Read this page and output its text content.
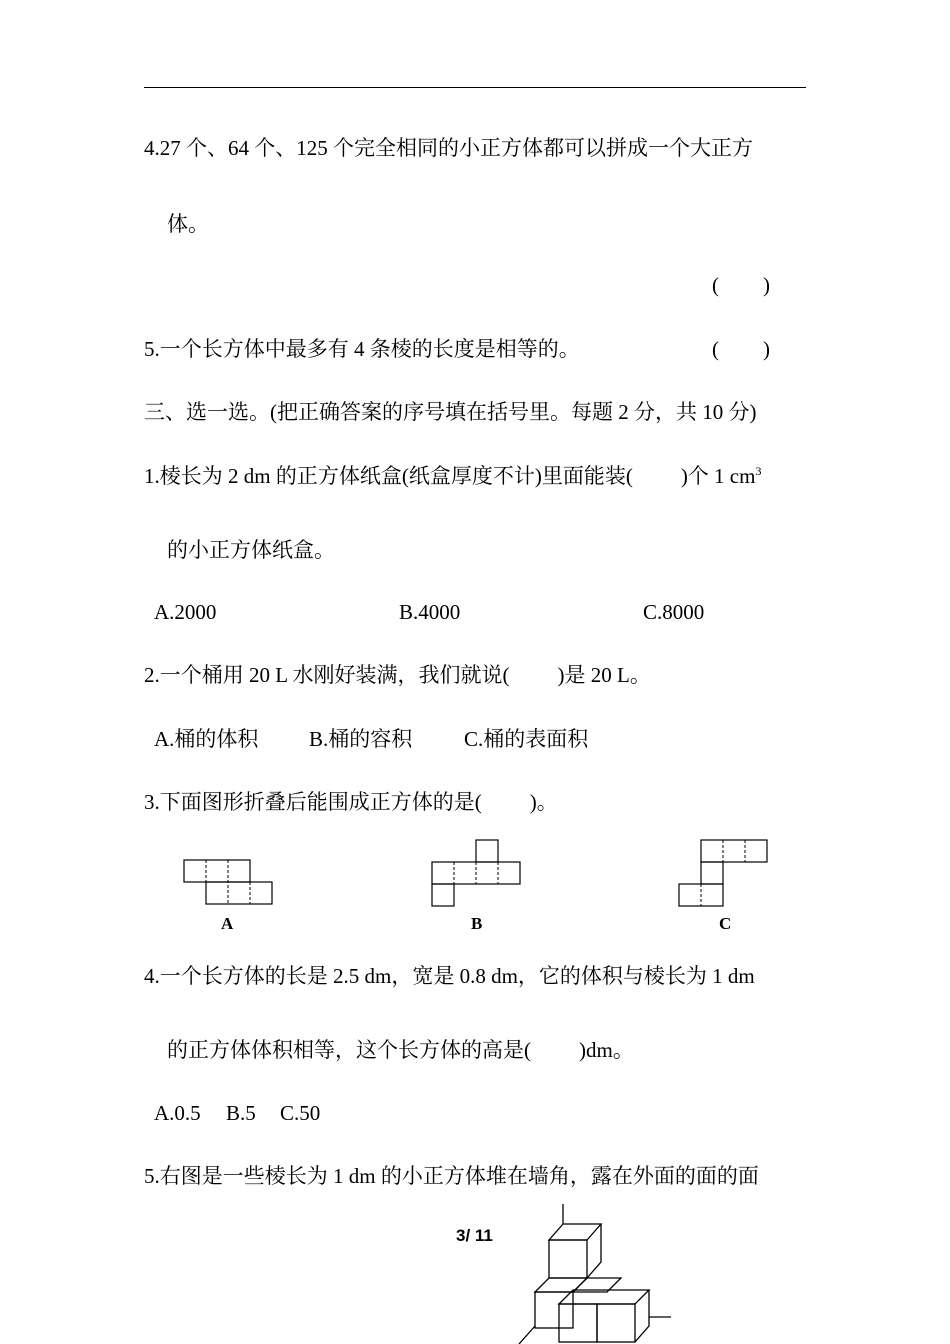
4.27 个、64 个、125 个完全相同的小正方体都可以拼成一个大正方
体。
( )
5.一个长方体中最多有 4 条棱的长度是相等的。	( )
三、选一选。(把正确答案的序号填在括号里。每题 2 分，共 10 分)
1.棱长为 2 dm 的正方体纸盒(纸盒厚度不计)里面能装( )个 1 $cm^3$
的小正方体纸盒。
A.2000	B.4000	C.8000
2.一个桶用 20 L 水刚好装满，我们就说( )是 20 L。
A.桶的体积 B.桶的容积 C.桶的表面积
3.下面图形折叠后能围成正方体的是( )。
A	B	C
4.一个长方体的长是 2.5 dm，宽是 0.8 dm，它的体积与棱长为 1 dm
的正方体体积相等，这个长方体的高是( )dm。
A.0.5 B.5 C.50
5.右图是一些棱长为 1 dm 的小正方体堆在墙角，露在外面的面的面
3/ 11
